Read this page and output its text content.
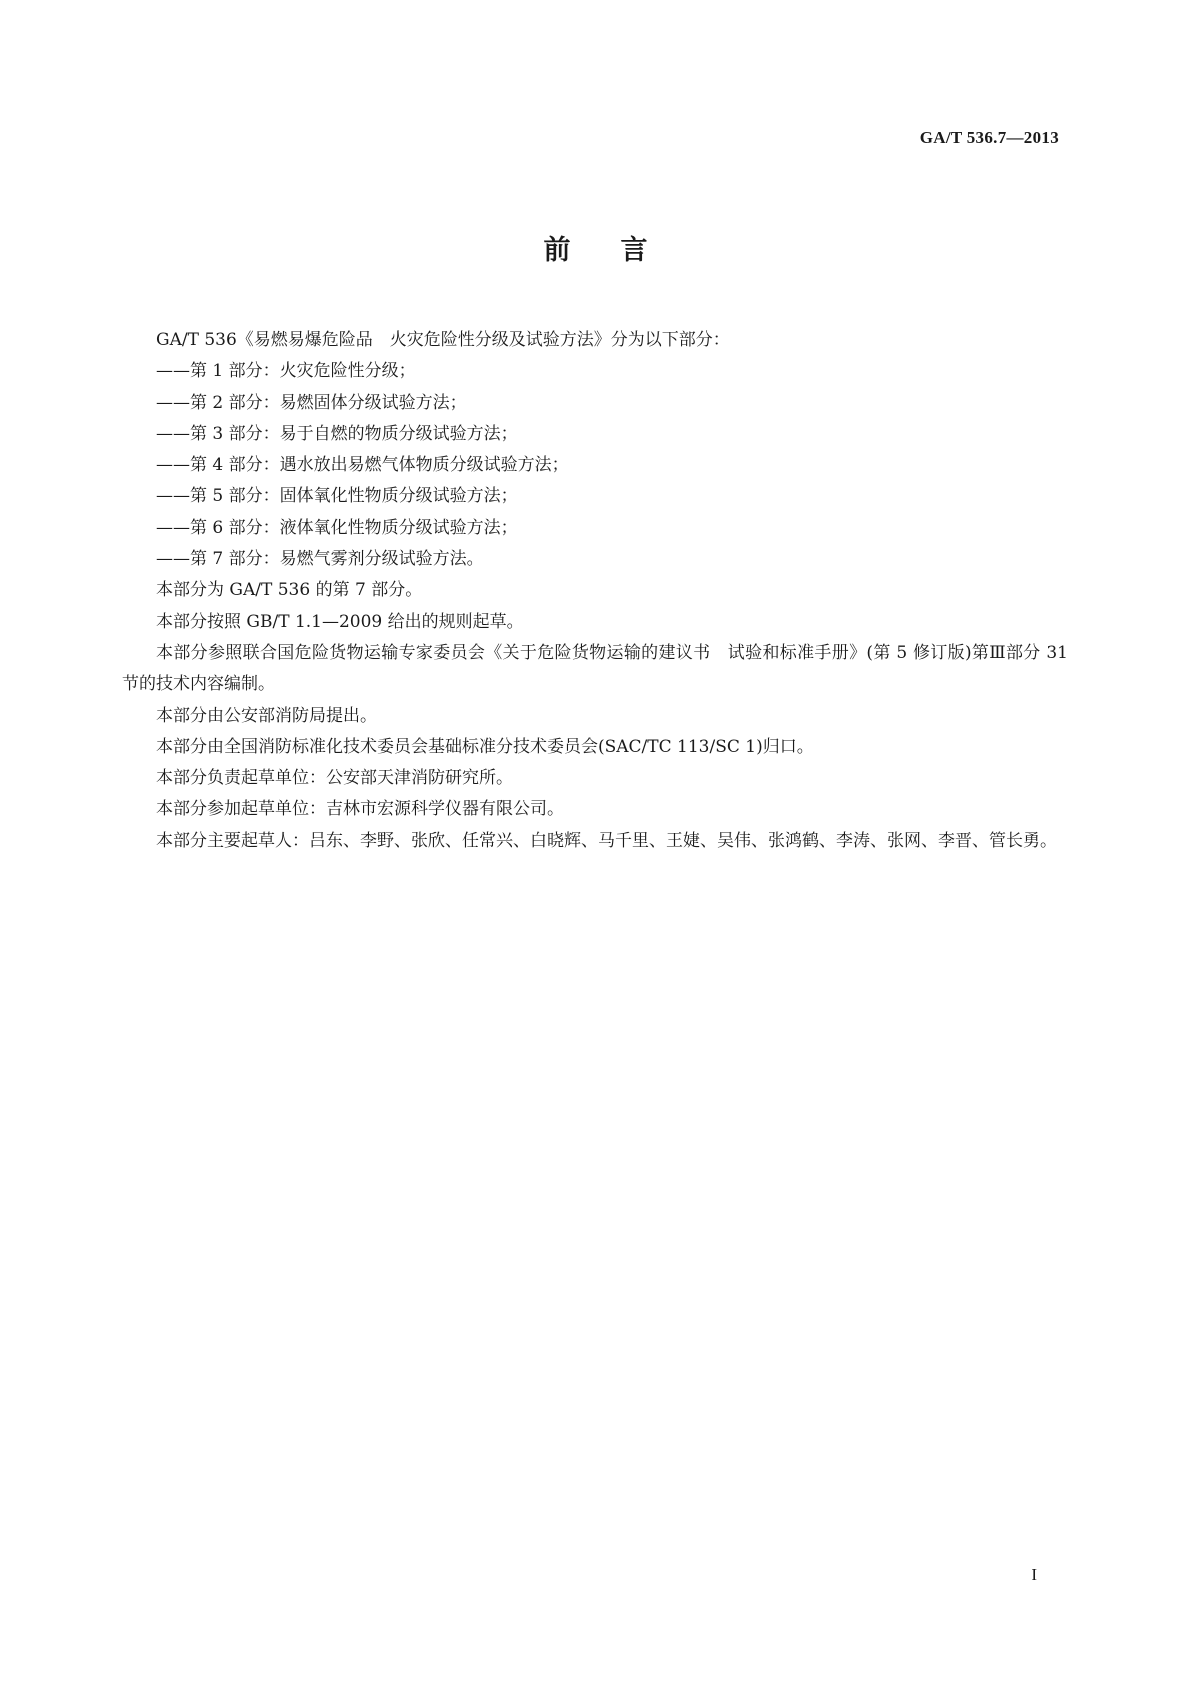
GA/T 536.7—2013
前 言

GA/T 536《易燃易爆危险品　火灾危险性分级及试验方法》分为以下部分：

——第 1 部分：火灾危险性分级；

——第 2 部分：易燃固体分级试验方法；

——第 3 部分：易于自燃的物质分级试验方法；

——第 4 部分：遇水放出易燃气体物质分级试验方法；

——第 5 部分：固体氧化性物质分级试验方法；

——第 6 部分：液体氧化性物质分级试验方法；

——第 7 部分：易燃气雾剂分级试验方法。

本部分为 GA/T 536 的第 7 部分。

本部分按照 GB/T 1.1—2009 给出的规则起草。

本部分参照联合国危险货物运输专家委员会《关于危险货物运输的建议书　试验和标准手册》(第 5 修订版)第Ⅲ部分 31 节的技术内容编制。

本部分由公安部消防局提出。

本部分由全国消防标准化技术委员会基础标准分技术委员会(SAC/TC 113/SC 1)归口。

本部分负责起草单位：公安部天津消防研究所。

本部分参加起草单位：吉林市宏源科学仪器有限公司。

本部分主要起草人：吕东、李野、张欣、任常兴、白晓辉、马千里、王婕、吴伟、张鸿鹤、李涛、张网、李晋、管长勇。

I
